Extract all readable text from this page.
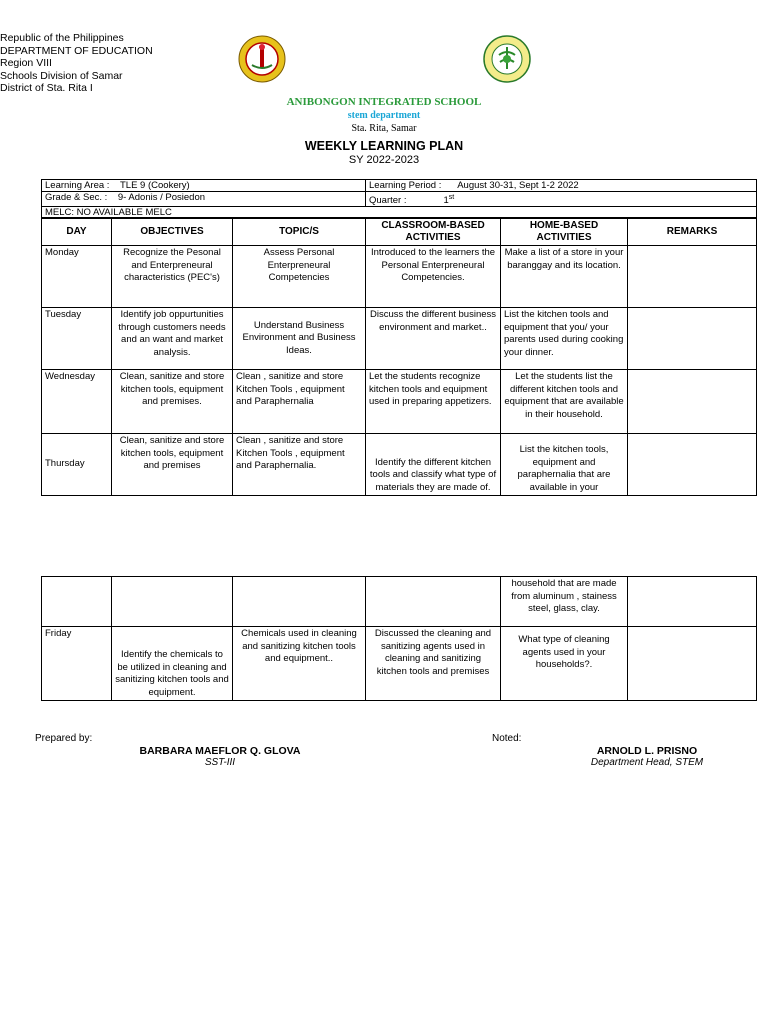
Republic of the Philippines
DEPARTMENT OF EDUCATION
Region VIII
Schools Division of Samar
District of Sta. Rita I
ANIBONGON INTEGRATED SCHOOL
stem department
Sta. Rita, Samar
WEEKLY LEARNING PLAN
SY 2022-2023
Learning Area : TLE 9 (Cookery)	Learning Period : August 30-31, Sept 1-2 2022
Grade & Sec. : 9- Adonis / Posiedon	Quarter : 1st
MELC: NO AVAILABLE MELC	
DAY	OBJECTIVES	TOPIC/S	CLASSROOM-BASED ACTIVITIES	HOME-BASED ACTIVITIES	REMARKS
Monday	Recognize the Pesonal and Enterpreneural characteristics (PEC's)	Assess Personal Enterpreneural Competencies	Introduced to the learners the Personal Enterpreneural Competencies.	Make a list of a store in your baranggay and its location.	
Tuesday	Identify job oppurtunities through customers needs and an want and market analysis.	Understand Business Environment and Business Ideas.	Discuss the different business environment and market..	List the kitchen tools and equipment that you/ your parents used during cooking your dinner.	
Wednesday	Clean, sanitize and store kitchen tools, equipment and premises.	Clean , sanitize and store Kitchen Tools , equipment and Paraphernalia	Let the students recognize kitchen tools and equipment used in preparing appetizers.	Let the students list the different kitchen tools and equipment that are available in their household.	
Thursday	Clean, sanitize and store kitchen tools, equipment and premises	Clean , sanitize and store Kitchen Tools , equipment and Paraphernalia.	Identify the different kitchen tools and classify what type of materials they are made of.	List the kitchen tools, equipment and paraphernalia that are available in your	
				household that are made from aluminum , stainess steel, glass, clay.	
Friday	Identify the chemicals to be utilized in cleaning and sanitizing kitchen tools and equipment.	Chemicals used in cleaning and sanitizing kitchen tools and equipment..	Discussed the cleaning and sanitizing agents used in cleaning and sanitizing kitchen tools and premises	What type of cleaning agents used in your households?.	
Prepared by:
BARBARA MAEFLOR Q. GLOVA
SST-III
Noted:
ARNOLD L. PRISNO
Department Head, STEM
